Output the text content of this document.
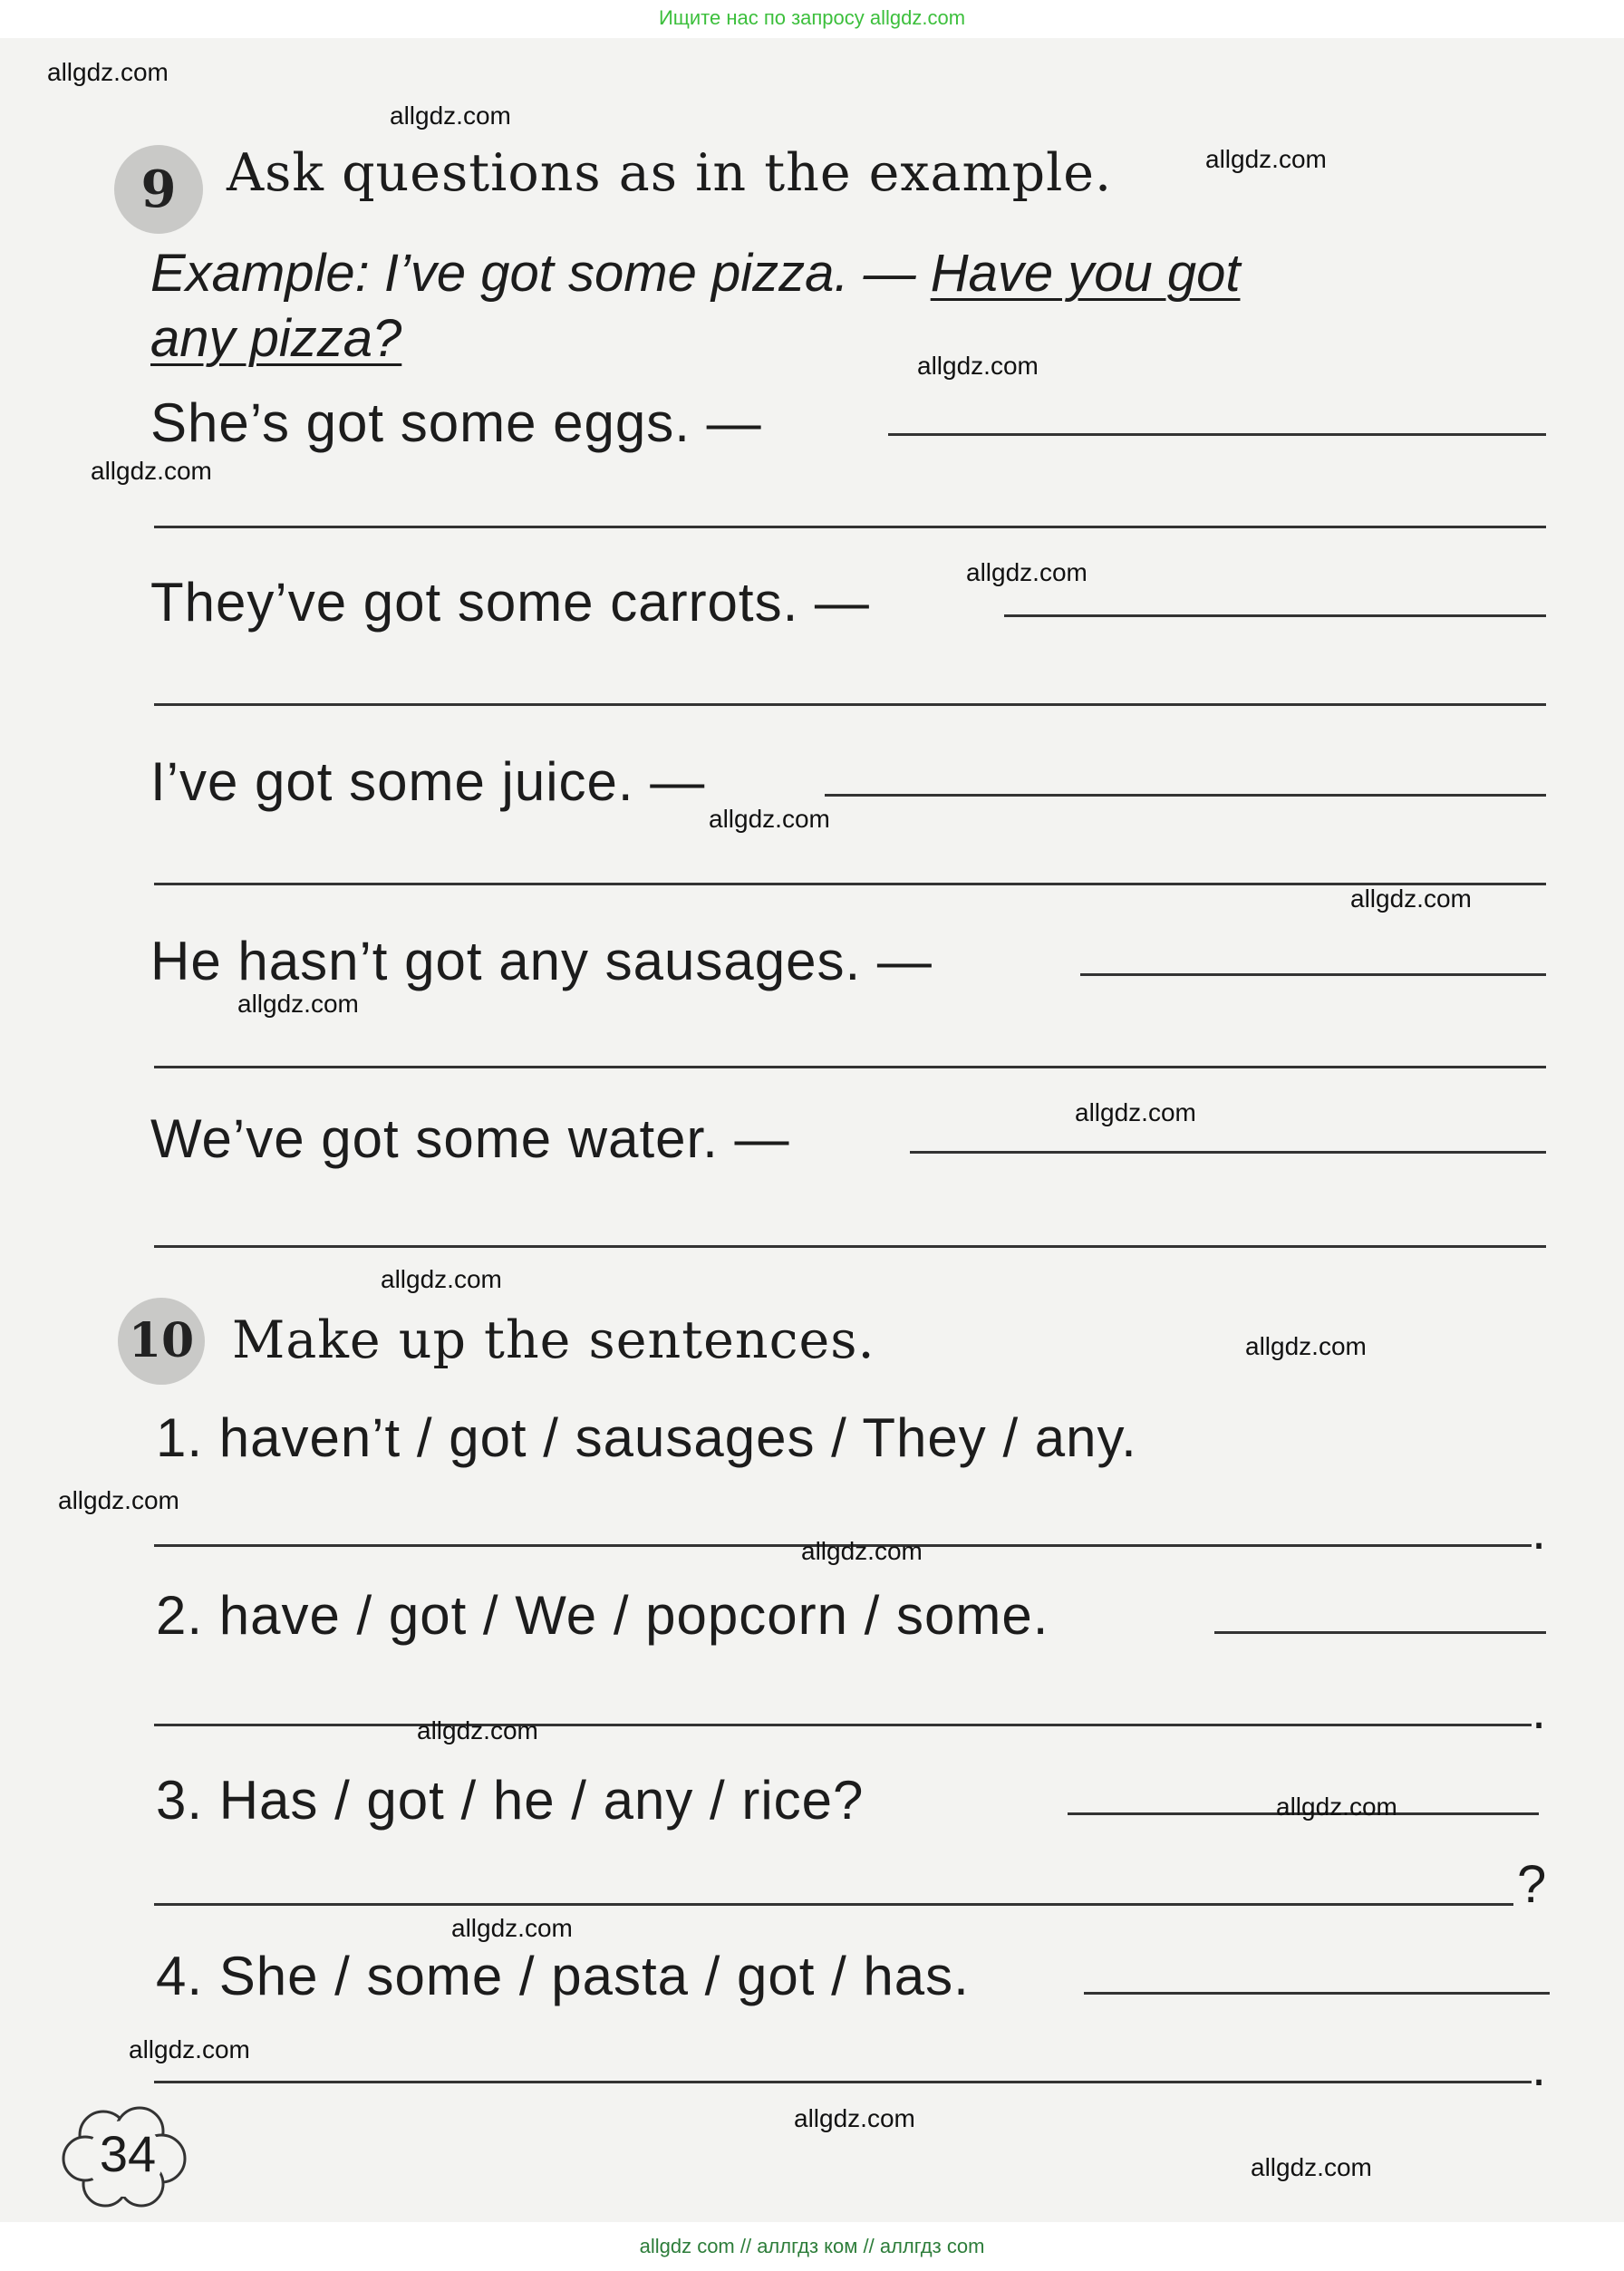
Ищите нас по запросу allgdz.com
9 Ask questions as in the example.
Example: I’ve got some pizza. — Have you got
any pizza?
She’s got some eggs. —
They’ve got some carrots. —
I’ve got some juice. —
He hasn’t got any sausages. —
We’ve got some water. —
10 Make up the sentences.
1. haven’t / got / sausages / They / any.
.
2. have / got / We / popcorn / some.
.
3. Has / got / he / any / rice?
?
4. She / some / pasta / got / has.
.
34
allgdz.com
allgdz.com
allgdz.com
allgdz.com
allgdz.com
allgdz.com
allgdz.com
allgdz.com
allgdz.com
allgdz.com
allgdz.com
allgdz.com
allgdz.com
allgdz.com
allgdz.com
allgdz.com
allgdz.com
allgdz.com
allgdz.com
allgdz.com
allgdz com // аллгдз ком // аллгдз com
